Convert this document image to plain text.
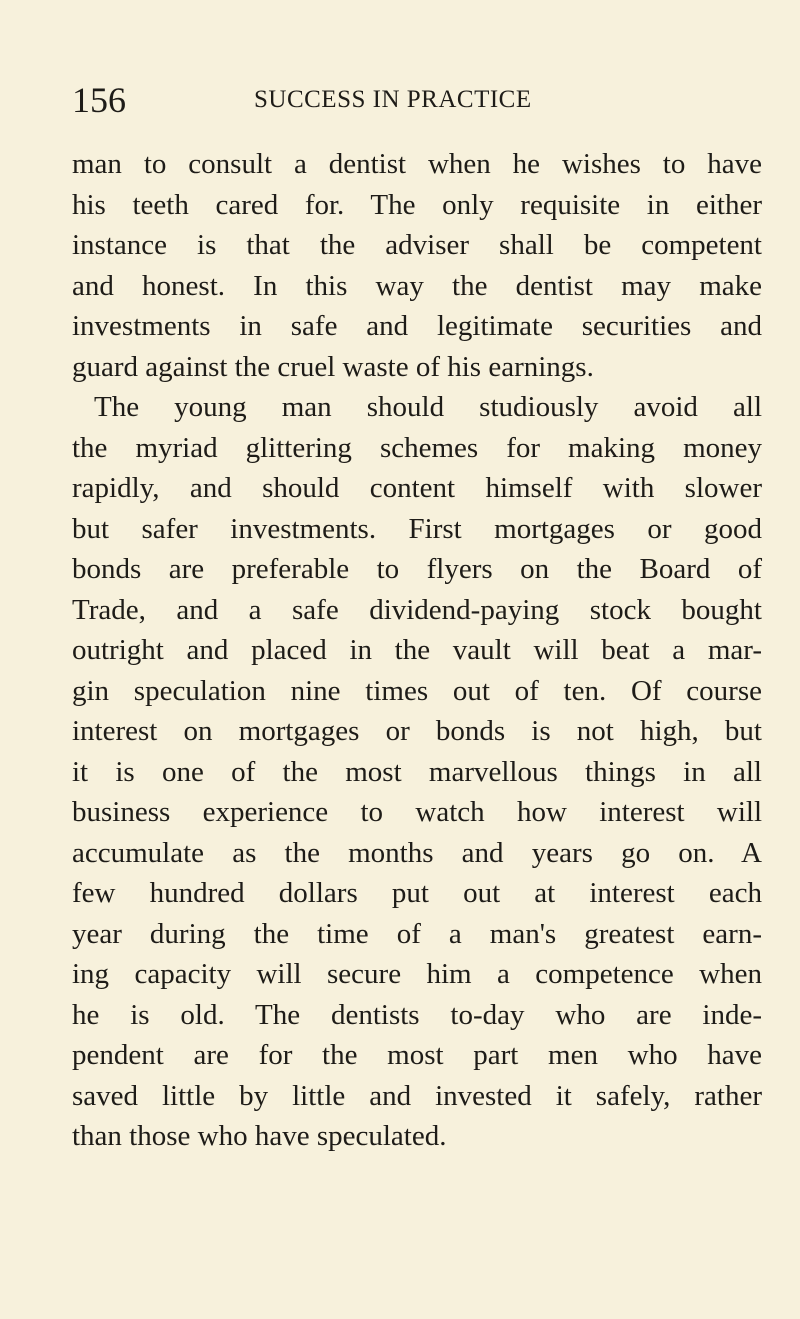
156	SUCCESS IN PRACTICE
man to consult a dentist when he wishes to have
his teeth cared for. The only requisite in either
instance is that the adviser shall be competent
and honest. In this way the dentist may make
investments in safe and legitimate securities and
guard against the cruel waste of his earnings.
The young man should studiously avoid all
the myriad glittering schemes for making money
rapidly, and should content himself with slower
but safer investments. First mortgages or good
bonds are preferable to flyers on the Board of
Trade, and a safe dividend-paying stock bought
outright and placed in the vault will beat a mar-
gin speculation nine times out of ten. Of course
interest on mortgages or bonds is not high, but
it is one of the most marvellous things in all
business experience to watch how interest will
accumulate as the months and years go on. A
few hundred dollars put out at interest each
year during the time of a man's greatest earn-
ing capacity will secure him a competence when
he is old. The dentists to-day who are inde-
pendent are for the most part men who have
saved little by little and invested it safely, rather
than those who have speculated.
